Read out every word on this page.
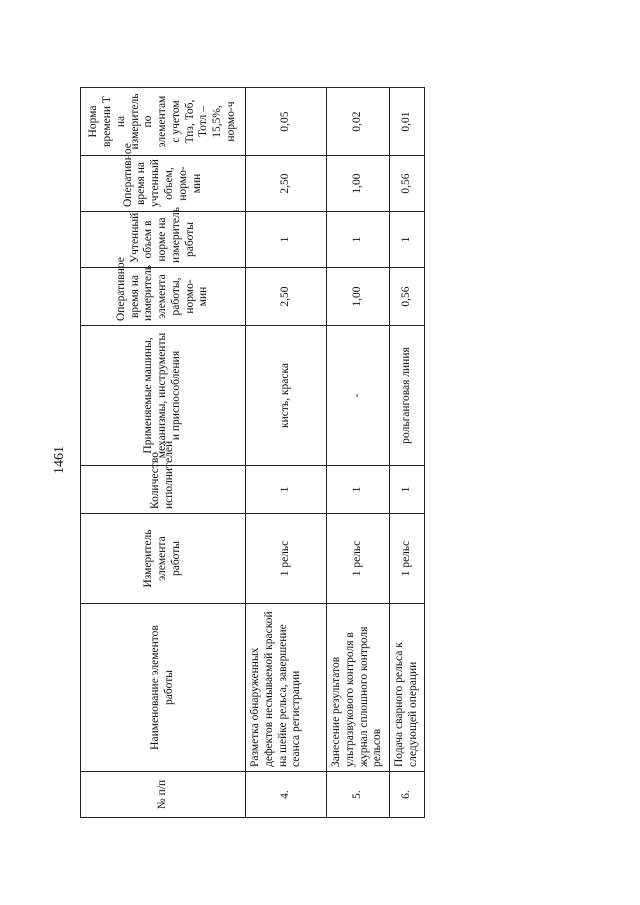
1461
№ п/п	Наименование элементов работы	Измеритель элемента работы	Количество исполнителей	Применяемые машины, механизмы, инструменты и приспособления	Оперативное время на измеритель элемента работы, нормо-мин	Учтенный объем в норме на измеритель работы	Оперативное время на учтенный объем, нормо-мин	Норма времени Т на измеритель по элементам с учетом Тпз, Тоб, Тотл – 15,5%, нормо-ч
4.	Разметка обнаруженных дефектов несмываемой краской на шейке рельса, завершение сеанса регистрации	1 рельс	1	кисть, краска	2,50	1	2,50	0,05
5.	Занесение результатов ультразвукового контроля в журнал сплошного контроля рельсов	1 рельс	1	-	1,00	1	1,00	0,02
6.	Подача сварного рельса к следующей операции	1 рельс	1	рольганговая линия	0,56	1	0,56	0,01
